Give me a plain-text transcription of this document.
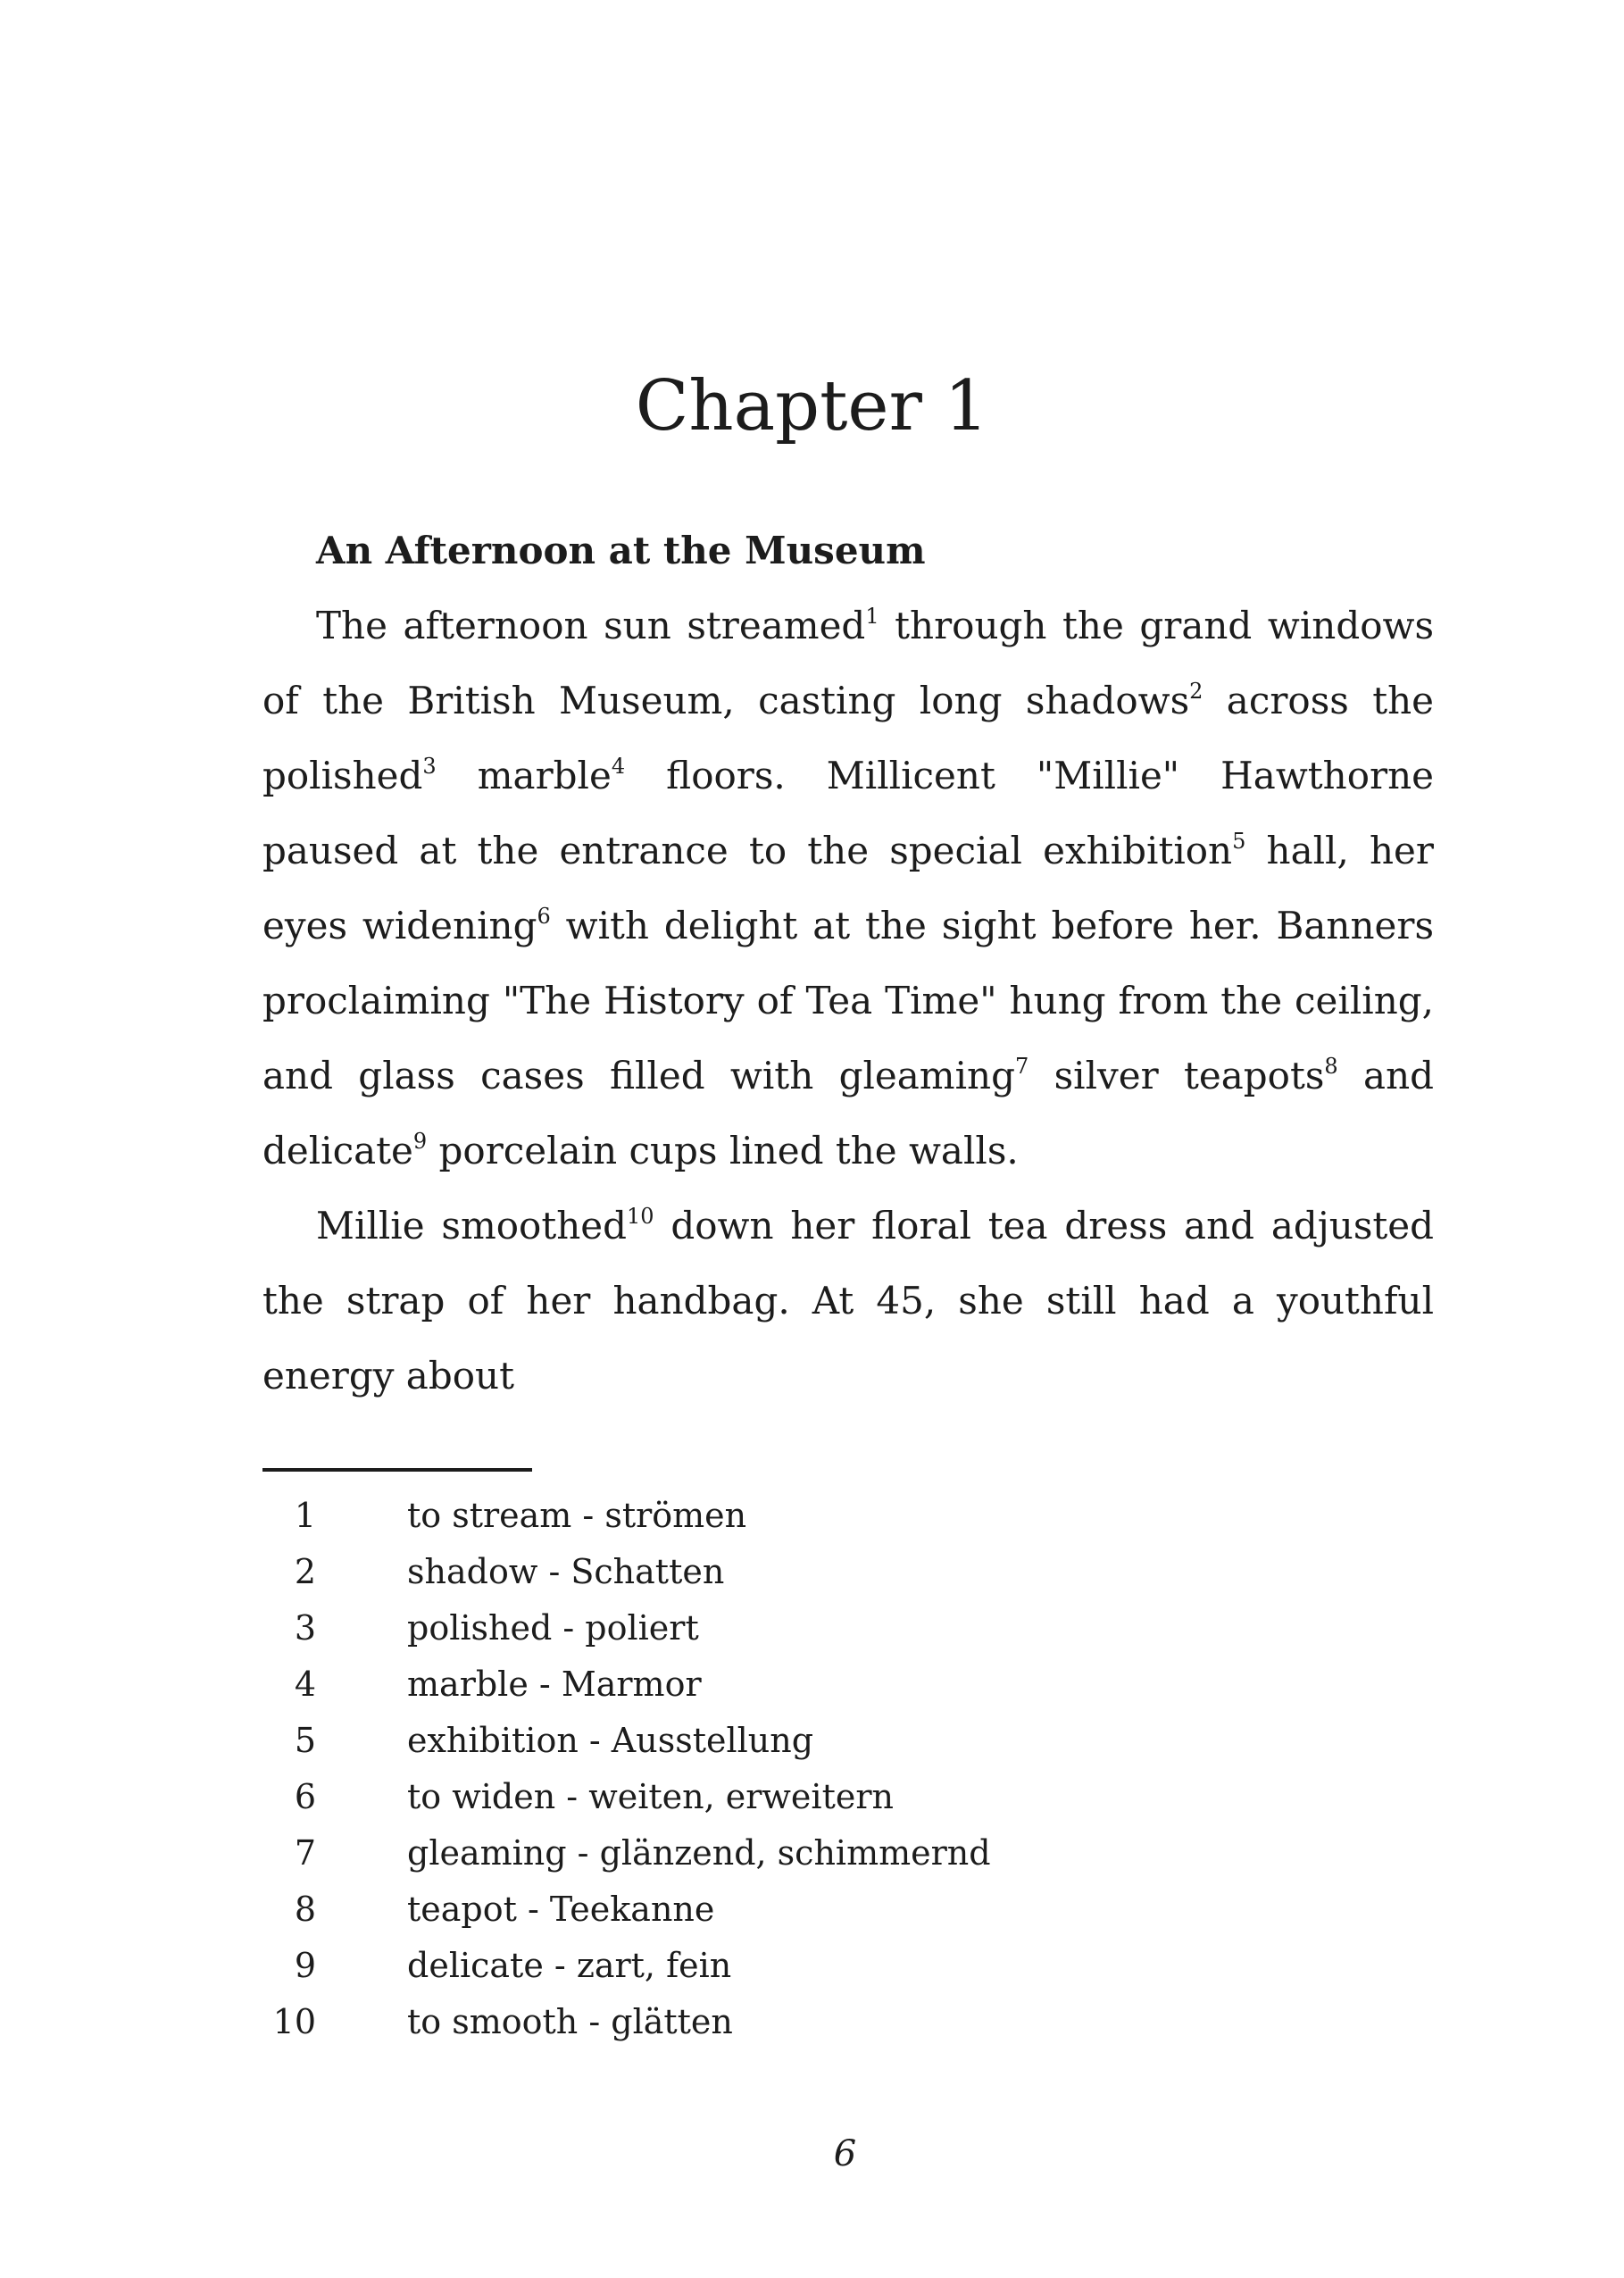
Chapter 1

An Afternoon at the Museum

The afternoon sun streamed$^1$ through the grand windows of the British Museum, casting long shadows$^2$ across the polished$^3$ marble$^4$ floors. Millicent "Millie" Hawthorne paused at the entrance to the special exhibition$^5$ hall, her eyes widening$^6$ with delight at the sight before her. Banners proclaiming "The History of Tea Time" hung from the ceiling, and glass cases filled with gleaming$^7$ silver teapots$^8$ and delicate$^9$ porcelain cups lined the walls.

Millie smoothed$^{10}$ down her floral tea dress and adjusted the strap of her handbag. At 45, she still had a youthful energy about

1	to stream - strömen
2	shadow - Schatten
3	polished - poliert
4	marble - Marmor
5	exhibition - Ausstellung
6	to widen - weiten, erweitern
7	gleaming - glänzend, schimmernd
8	teapot - Teekanne
9	delicate - zart, fein
10	to smooth - glätten
6
